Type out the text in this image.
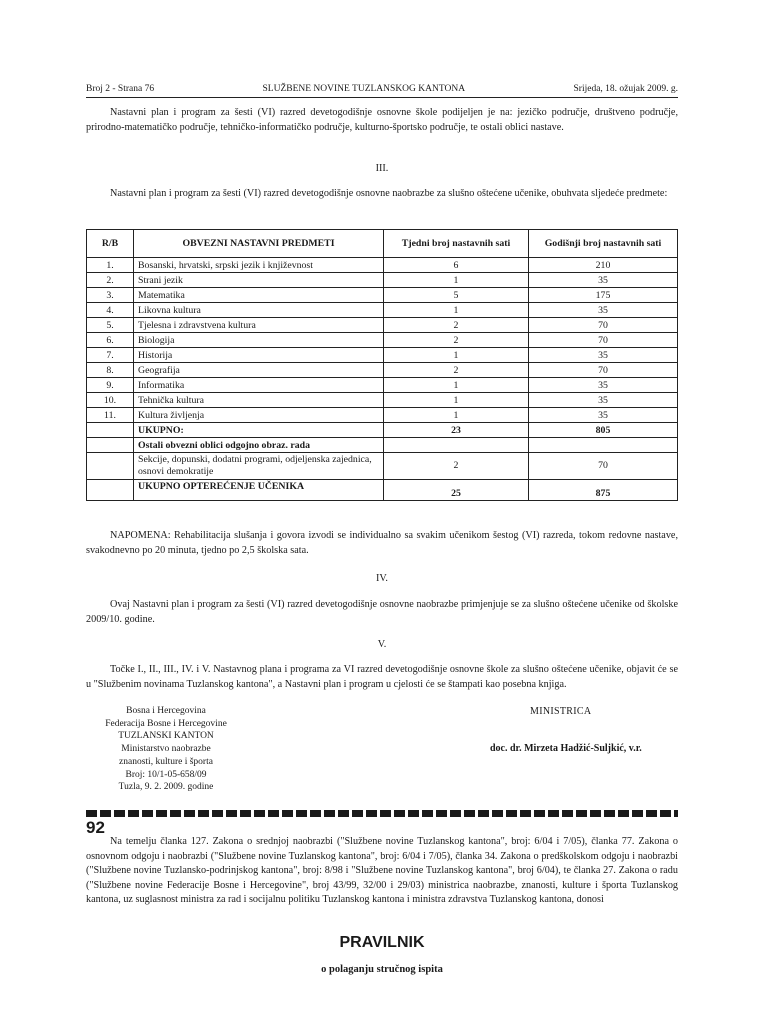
Broj 2 - Strana 76	SLUŽBENE NOVINE TUZLANSKOG KANTONA	Srijeda, 18. ožujak 2009. g.
Nastavni plan i program za šesti (VI) razred devetogodišnje osnovne škole podijeljen je na: jezičko područje, društveno područje, prirodno-matematičko područje, tehničko-informatičko područje, kulturno-športsko područje, te ostali oblici nastave.
III.
Nastavni plan i program za šesti (VI) razred devetogodišnje osnovne naobrazbe za slušno oštećene učenike, obuhvata sljedeće predmete:
R/B	OBVEZNI NASTAVNI PREDMETI	Tjedni broj nastavnih sati	Godišnji broj nastavnih sati
1.	Bosanski, hrvatski, srpski jezik i književnost	6	210
2.	Strani jezik	1	35
3.	Matematika	5	175
4.	Likovna kultura	1	35
5.	Tjelesna i zdravstvena kultura	2	70
6.	Biologija	2	70
7.	Historija	1	35
8.	Geografija	2	70
9.	Informatika	1	35
10.	Tehnička kultura	1	35
11.	Kultura življenja	1	35
	UKUPNO:	23	805
	Ostali obvezni oblici odgojno obraz. rada		
	Sekcije, dopunski, dodatni programi, odjeljenska zajednica, osnovi demokratije	2	70
	UKUPNO OPTEREĆENJE UČENIKA	25	875
NAPOMENA: Rehabilitacija slušanja i govora izvodi se individualno sa svakim učenikom šestog (VI) razreda, tokom redovne nastave, svakodnevno po 20 minuta, tjedno po 2,5 školska sata.
IV.
Ovaj Nastavni plan i program za šesti (VI) razred devetogodišnje osnovne naobrazbe primjenjuje se za slušno oštećene učenike od školske 2009/10. godine.
V.
Točke I., II., III., IV. i V. Nastavnog plana i programa za VI razred devetogodišnje osnovne škole za slušno oštećene učenike, objavit će se u "Službenim novinama Tuzlanskog kantona", a Nastavni plan i program u cjelosti će se štampati kao posebna knjiga.
Bosna i Hercegovina
Federacija Bosne i Hercegovine
TUZLANSKI KANTON
Ministarstvo naobrazbe
znanosti, kulture i športa
Broj: 10/1-05-658/09
Tuzla, 9. 2. 2009. godine
MINISTRICA
doc. dr. Mirzeta Hadžić-Suljkić, v.r.
92
Na temelju članka 127. Zakona o srednjoj naobrazbi ("Službene novine Tuzlanskog kantona", broj: 6/04 i 7/05), članka 77. Zakona o osnovnom odgoju i naobrazbi ("Službene novine Tuzlanskog kantona", broj: 6/04 i 7/05), članka 34. Zakona o predškolskom odgoju i naobrazbi ("Službene novine Tuzlansko-podrinjskog kantona", broj: 8/98 i "Službene novine Tuzlanskog kantona", broj 6/04), te članka 27. Zakona o radu ("Službene novine Federacije Bosne i Hercegovine", broj 43/99, 32/00 i 29/03) ministrica naobrazbe, znanosti, kulture i športa Tuzlanskog kantona, uz suglasnost ministra za rad i socijalnu politiku Tuzlanskog kantona i ministra zdravstva Tuzlanskog kantona, donosi
PRAVILNIK
o polaganju stručnog ispita
